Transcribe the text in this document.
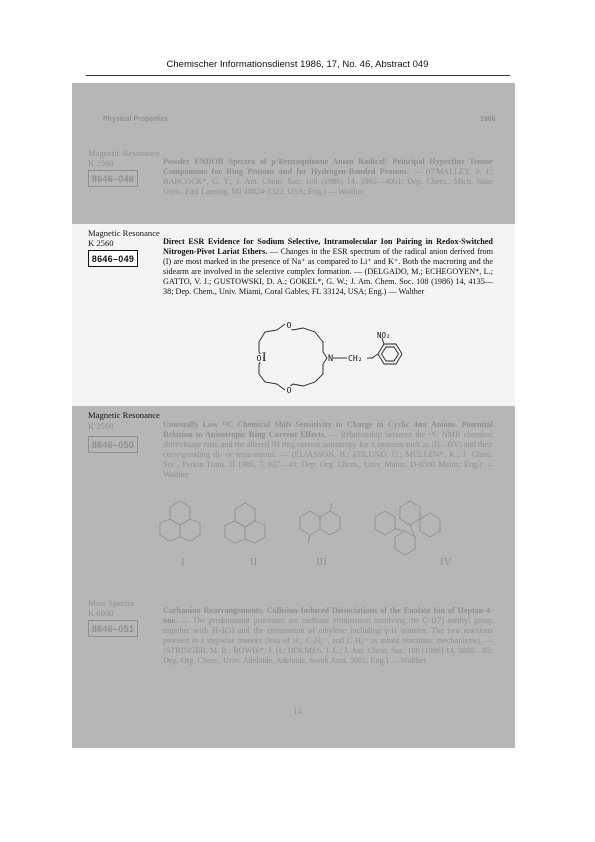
Chemischer Informationsdienst 1986, 17, No. 46, Abstract 049
Physical Properties	1986
Magnetic Resonance
K 2560
8646–048
Powder ENDOR Spectra of p-Benzoquinone Anion Radical: Principal Hyperfine Tensor Components for Ring Protons and for Hydrogen-Bonded Protons. — (O'MALLEY, P. J.; BABCOCK*, G. T.; J. Am. Chem. Soc. 108 (1986) 14, 3995—4001; Dep. Chem., Mich. State Univ., East Lansing, MI 48824-1322, USA; Eng.) — Walther
Magnetic Resonance
K 2560
8646–049
Direct ESR Evidence for Sodium Selective, Intramolecular Ion Pairing in Redox-Switched Nitrogen-Pivot Lariat Ethers. — Changes in the ESR spectrum of the radical anion derived from (I) are most marked in the presence of Na⁺ as compared to Li⁺ and K⁺. Both the macroring and the sidearm are involved in the selective complex formation. — (DELGADO, M.; ECHEGOYEN*, L.; GATTO, V. J.; GUSTOWSKI, D. A.; GOKEL*, G. W.; J. Am. Chem. Soc. 108 (1986) 14, 4135—38; Dep. Chem., Univ. Miami, Coral Gables, FL 33124, USA; Eng.) — Walther
O
O
O
N CH₂
NO₂
I
Magnetic Resonance
K 2560
8646–050
Unusually Low ¹³C Chemical Shift Sensitivity to Charge in Cyclic 4nπ Anions. Potential Relation to Anisotropic Ring Current Effects. — Relationship between the ¹³C NMR chemical shift/charge ratio and the altered ¹H ring current anisotropy for π systems such as (I)—(IV) and their corresponding di- or tetra-anions. — (ELIASSON, B.; EDLUND, U.; MÜLLEN*, K.; J. Chem. Soc., Perkin Trans. II 1986, 7, 937—40; Dep. Org. Chem., Univ. Mainz, D-6500 Mainz; Eng.) — Walther
I	II	III	IV
Mass Spectra
K 6000
8646–051
Carbanion Rearrangements. Collision-Induced Dissociations of the Enolate Ion of Heptan-4-one. — The predominant processes are methane elimination involving the C-1(7) methyl group together with H-3(5) and the elimination of ethylene including γ-H transfer. The two reactions proceed in a stepwise manner (loss of H₂, C₃H₅⁻, and C₃H₆⁻ as minor reactions; mechanisms). — (STRINGER, M. B.; BOWIE*, J. H.; HOLMES, J. L.; J. Am. Chem. Soc. 108 (1986) 14, 3888—93; Dep. Org. Chem., Univ. Adelaide, Adelaide, South Aust. 5001; Eng.) — Walther
14
